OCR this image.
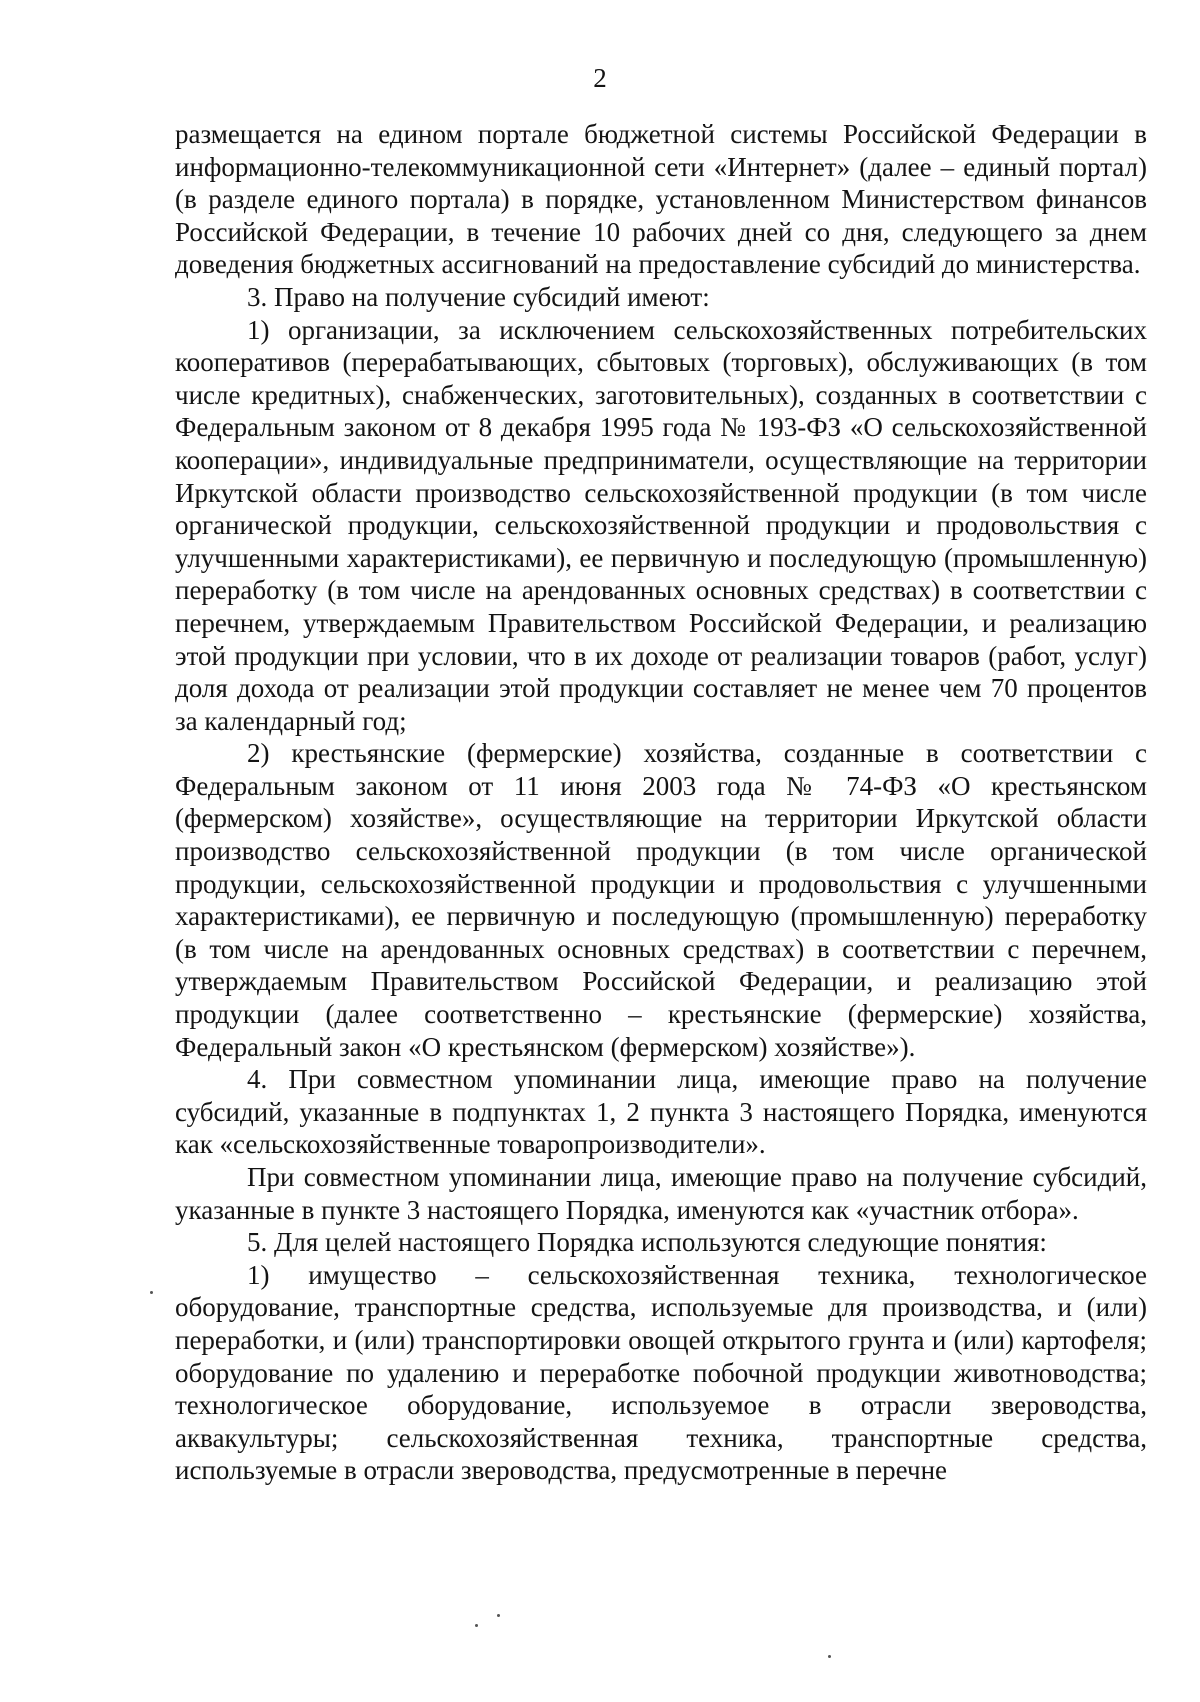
2

размещается на едином портале бюджетной системы Российской Федерации в информационно-телекоммуникационной сети «Интернет» (далее – единый портал) (в разделе единого портала) в порядке, установленном Министерством финансов Российской Федерации, в течение 10 рабочих дней со дня, следующего за днем доведения бюджетных ассигнований на предоставление субсидий до министерства.

3. Право на получение субсидий имеют:

1) организации, за исключением сельскохозяйственных потребительских кооперативов (перерабатывающих, сбытовых (торговых), обслуживающих (в том числе кредитных), снабженческих, заготовительных), созданных в соответствии с Федеральным законом от 8 декабря 1995 года № 193-ФЗ «О сельскохозяйственной кооперации», индивидуальные предприниматели, осуществляющие на территории Иркутской области производство сельскохозяйственной продукции (в том числе органической продукции, сельскохозяйственной продукции и продовольствия с улучшенными характеристиками), ее первичную и последующую (промышленную) переработку (в том числе на арендованных основных средствах) в соответствии с перечнем, утверждаемым Правительством Российской Федерации, и реализацию этой продукции при условии, что в их доходе от реализации товаров (работ, услуг) доля дохода от реализации этой продукции составляет не менее чем 70 процентов за календарный год;

2) крестьянские (фермерские) хозяйства, созданные в соответствии с Федеральным законом от 11 июня 2003 года № 74-ФЗ «О крестьянском (фермерском) хозяйстве», осуществляющие на территории Иркутской области производство сельскохозяйственной продукции (в том числе органической продукции, сельскохозяйственной продукции и продовольствия с улучшенными характеристиками), ее первичную и последующую (промышленную) переработку (в том числе на арендованных основных средствах) в соответствии с перечнем, утверждаемым Правительством Российской Федерации, и реализацию этой продукции (далее соответственно – крестьянские (фермерские) хозяйства, Федеральный закон «О крестьянском (фермерском) хозяйстве»).

4. При совместном упоминании лица, имеющие право на получение субсидий, указанные в подпунктах 1, 2 пункта 3 настоящего Порядка, именуются как «сельскохозяйственные товаропроизводители».

При совместном упоминании лица, имеющие право на получение субсидий, указанные в пункте 3 настоящего Порядка, именуются как «участник отбора».

5. Для целей настоящего Порядка используются следующие понятия:

1) имущество – сельскохозяйственная техника, технологическое оборудование, транспортные средства, используемые для производства, и (или) переработки, и (или) транспортировки овощей открытого грунта и (или) картофеля; оборудование по удалению и переработке побочной продукции животноводства; технологическое оборудование, используемое в отрасли звероводства, аквакультуры; сельскохозяйственная техника, транспортные средства, используемые в отрасли звероводства, предусмотренные в перечне
